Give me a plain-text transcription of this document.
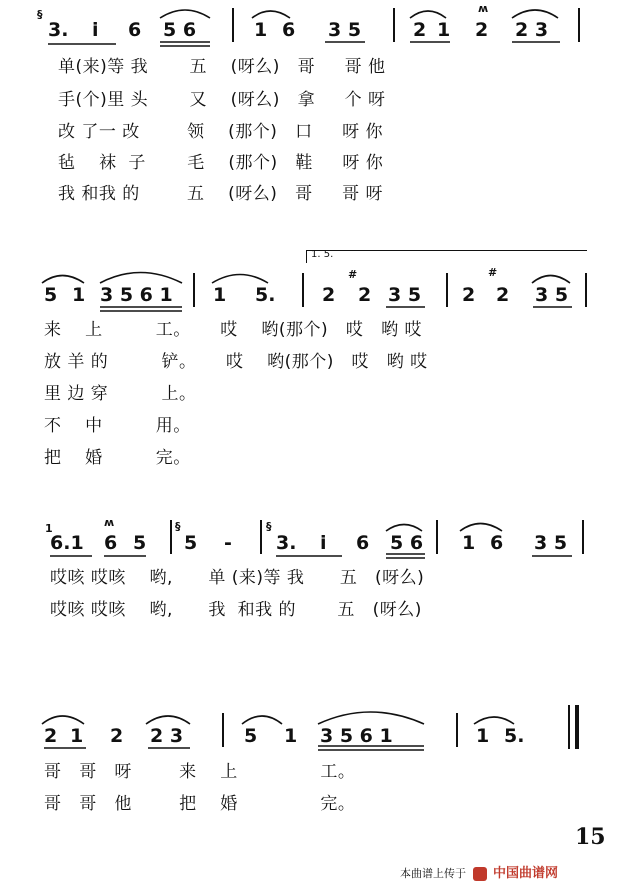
§
3. i 6 5 6	1 6 3 5	2 1 2
ʍ
2 3
单(来)等 我       五    (呀么)   哥     哥 他
手(个)里 头       又    (呀么)   拿     个 呀
改 了一 改        领    (那个)   口     呀 你
毡    袜  子       毛    (那个)   鞋     呀 你
我 和我 的        五    (呀么)   哥     哥 呀
5 1 3 5 6 1 1 5.
1. 5.
2
#
2 3 5 2
#
2 3 5
来    上         工。     哎    哟(那个)   哎   哟 哎
放 羊 的         铲。     哎    哟(那个)   哎   哟 哎
里 边 穿         上。
不    中         用。
把    婚         完。
1
6.1 6
ʍ
5
§
5 -
§
3. i 6 5 6 1 6 3 5
哎咳 哎咳    哟,      单 (来)等 我      五   (呀么)
哎咳 哎咳    哟,      我  和我 的       五   (呀么)
2 1 2 2 3	5 1 3 5 6 1	1 5.
哥   哥   呀        来    上              工。
哥   哥   他        把    婚              完。
15
本曲谱上传于 中国曲谱网
